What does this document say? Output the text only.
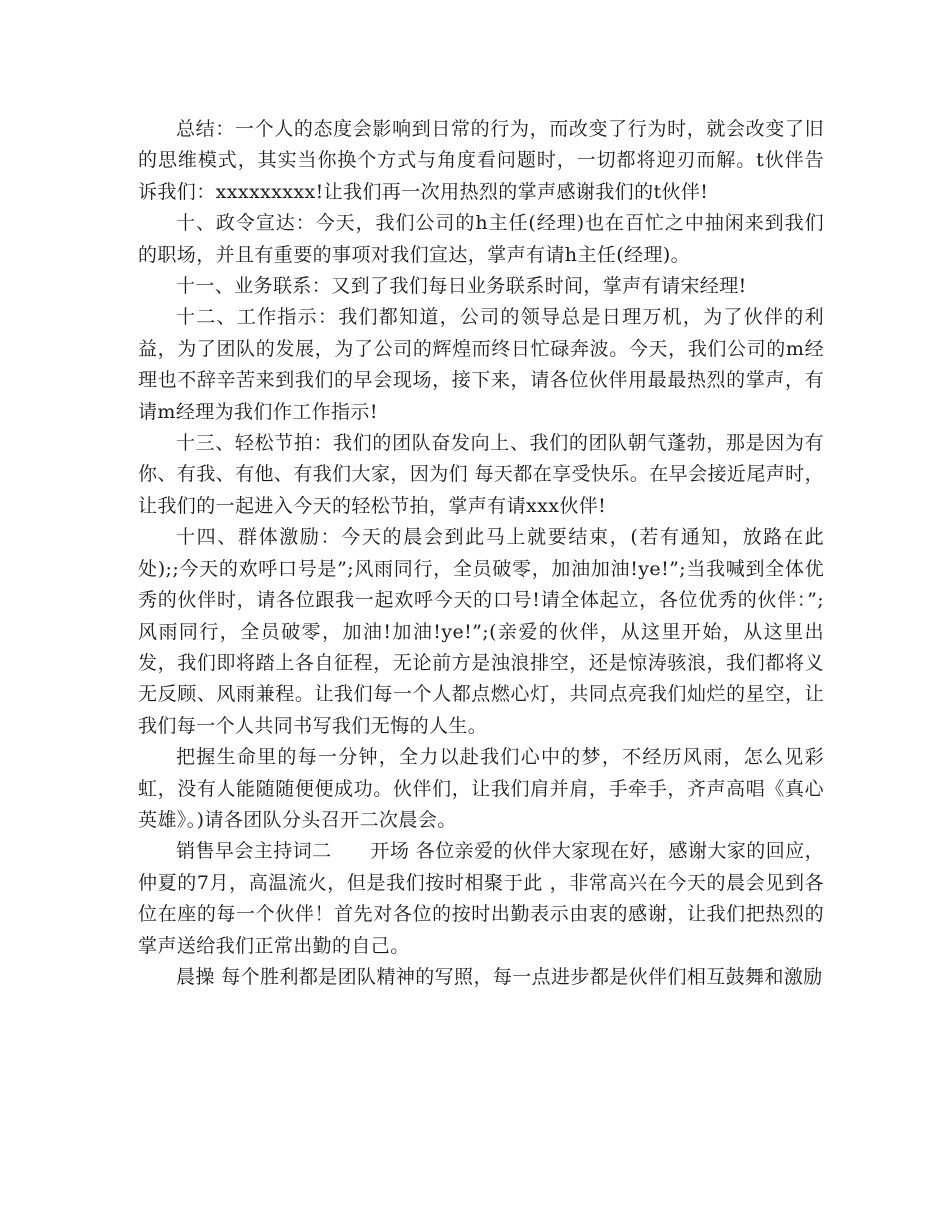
总结：一个人的态度会影响到日常的行为，而改变了行为时，就会改变了旧的思维模式，其实当你换个方式与角度看问题时，一切都将迎刃而解。t伙伴告诉我们：xxxxxxxxx!让我们再一次用热烈的掌声感谢我们的t伙伴!

十、政令宣达：今天，我们公司的h主任(经理)也在百忙之中抽闲来到我们的职场，并且有重要的事项对我们宣达，掌声有请h主任(经理)。

十一、业务联系：又到了我们每日业务联系时间，掌声有请宋经理!

十二、工作指示：我们都知道，公司的领导总是日理万机，为了伙伴的利益，为了团队的发展，为了公司的辉煌而终日忙碌奔波。今天，我们公司的m经理也不辞辛苦来到我们的早会现场，接下来，请各位伙伴用最最热烈的掌声，有请m经理为我们作工作指示!

十三、轻松节拍：我们的团队奋发向上、我们的团队朝气蓬勃，那是因为有你、有我、有他、有我们大家，因为们 每天都在享受快乐。在早会接近尾声时，让我们的一起进入今天的轻松节拍，掌声有请xxx伙伴!

十四、群体激励：今天的晨会到此马上就要结束，(若有通知，放路在此处);;今天的欢呼口号是”;风雨同行，全员破零，加油加油!ye!”;当我喊到全体优秀的伙伴时，请各位跟我一起欢呼今天的口号!请全体起立，各位优秀的伙伴：”;风雨同行，全员破零，加油!加油!ye!”;(亲爱的伙伴，从这里开始，从这里出发，我们即将踏上各自征程，无论前方是浊浪排空，还是惊涛骇浪，我们都将义无反顾、风雨兼程。让我们每一个人都点燃心灯，共同点亮我们灿烂的星空，让我们每一个人共同书写我们无悔的人生。

把握生命里的每一分钟，全力以赴我们心中的梦，不经历风雨，怎么见彩虹，没有人能随随便便成功。伙伴们，让我们肩并肩，手牵手，齐声高唱《真心英雄》。)请各团队分头召开二次晨会。

销售早会主持词二　　开场 各位亲爱的伙伴大家现在好，感谢大家的回应，仲夏的7月，高温流火，但是我们按时相聚于此 ，非常高兴在今天的晨会见到各位在座的每一个伙伴！首先对各位的按时出勤表示由衷的感谢，让我们把热烈的掌声送给我们正常出勤的自己。

晨操 每个胜利都是团队精神的写照，每一点进步都是伙伴们相互鼓舞和激励
